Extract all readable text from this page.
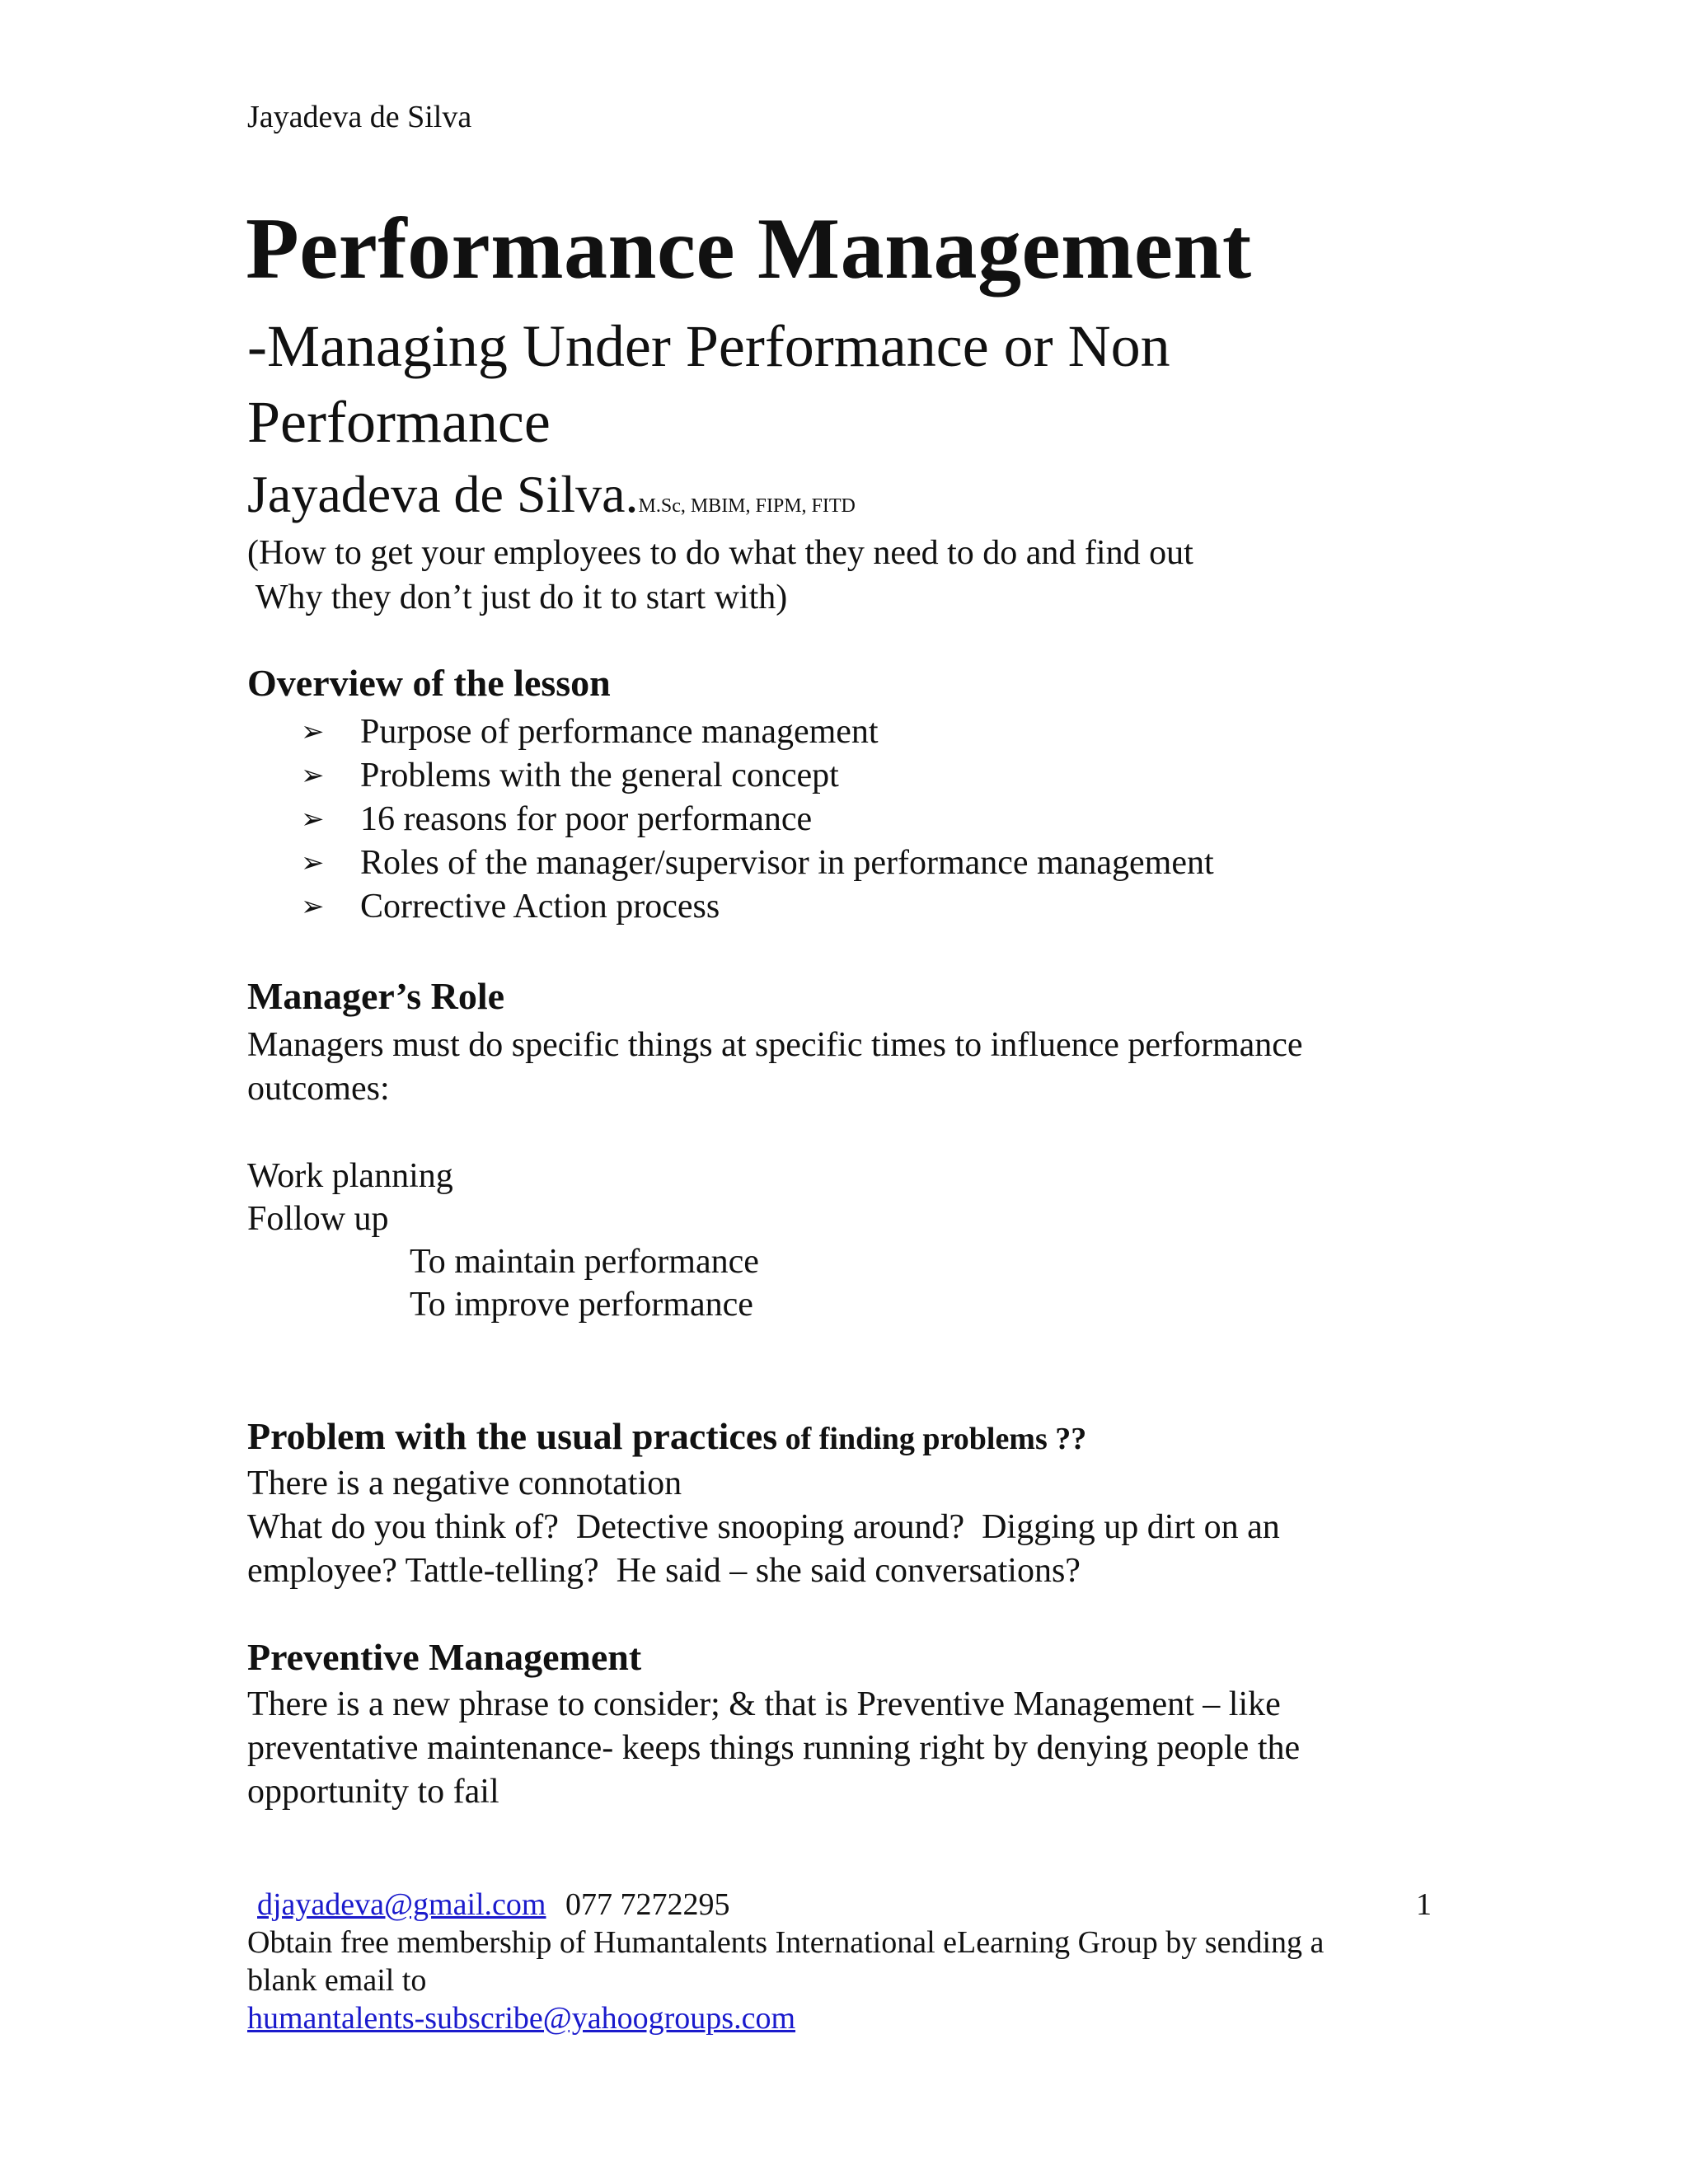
Jayadeva de Silva
Performance Management
-Managing Under Performance or Non
Performance
Jayadeva de Silva.M.Sc, MBIM, FIPM, FITD
(How to get your employees to do what they need to do and find out
Why they don’t just do it to start with)
Overview of the lesson
➢	Purpose of performance management
➢	Problems with the general concept
➢	16 reasons for poor performance
➢	Roles of the manager/supervisor in performance management
➢	Corrective Action process
Manager’s Role
Managers must do specific things at specific times to influence performance
outcomes:
Work planning
Follow up
To maintain performance
To improve performance
Problem with the usual practices of finding problems ??
There is a negative connotation
What do you think of?  Detective snooping around?  Digging up dirt on an
employee? Tattle-telling?  He said – she said conversations?
Preventive Management
There is a new phrase to consider; & that is Preventive Management – like
preventative maintenance- keeps things running right by denying people the
opportunity to fail
djayadeva@gmail.com 077 7272295	1
Obtain free membership of Humantalents International eLearning Group by sending a
blank email to
humantalents-subscribe@yahoogroups.com
